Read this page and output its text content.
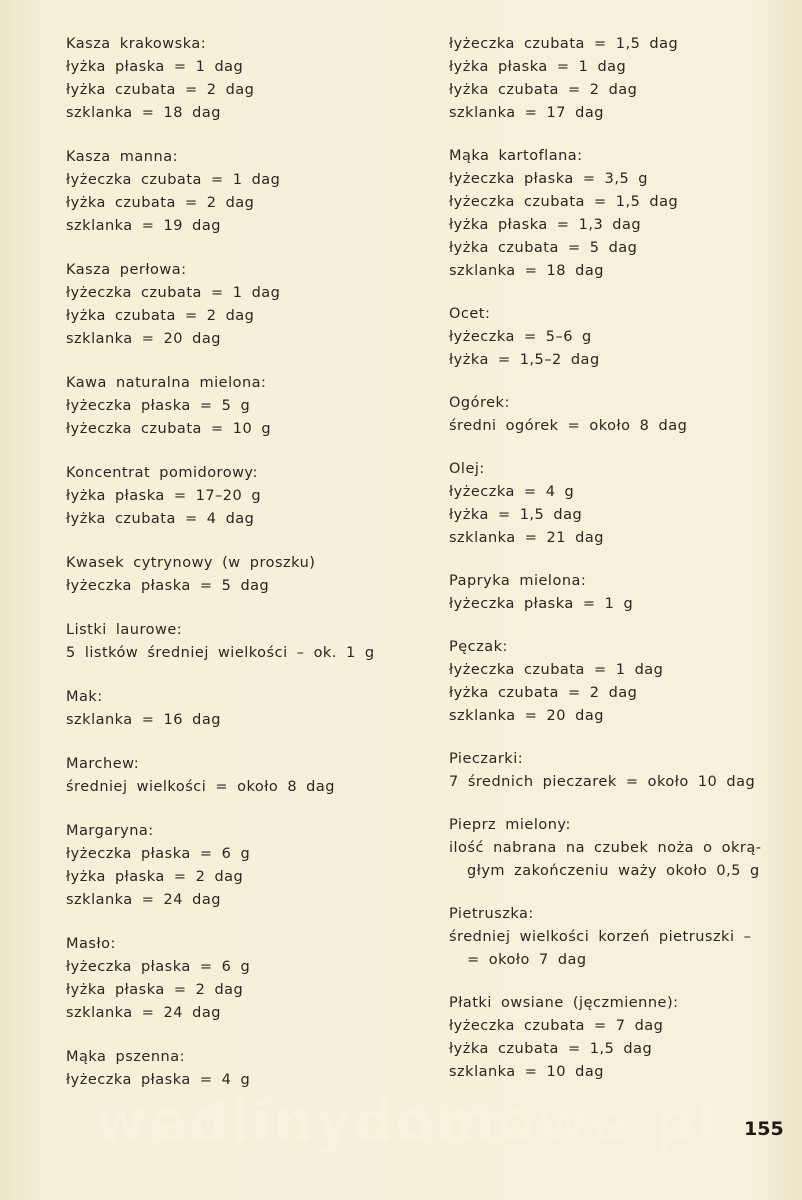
Kasza krakowska:
łyżka płaska = 1 dag
łyżka czubata = 2 dag
szklanka = 18 dag
Kasza manna:
łyżeczka czubata = 1 dag
łyżka czubata = 2 dag
szklanka = 19 dag
Kasza perłowa:
łyżeczka czubata = 1 dag
łyżka czubata = 2 dag
szklanka = 20 dag
Kawa naturalna mielona:
łyżeczka płaska = 5 g
łyżeczka czubata = 10 g
Koncentrat pomidorowy:
łyżka płaska = 17–20 g
łyżka czubata = 4 dag
Kwasek cytrynowy (w proszku)
łyżeczka płaska = 5 dag
Listki laurowe:
5 listków średniej wielkości – ok. 1 g
Mak:
szklanka = 16 dag
Marchew:
średniej wielkości = około 8 dag
Margaryna:
łyżeczka płaska = 6 g
łyżka płaska = 2 dag
szklanka = 24 dag
Masło:
łyżeczka płaska = 6 g
łyżka płaska = 2 dag
szklanka = 24 dag
Mąka pszenna:
łyżeczka płaska = 4 g
łyżeczka czubata = 1,5 dag
łyżka płaska = 1 dag
łyżka czubata = 2 dag
szklanka = 17 dag
Mąka kartoflana:
łyżeczka płaska = 3,5 g
łyżeczka czubata = 1,5 dag
łyżka płaska = 1,3 dag
łyżka czubata = 5 dag
szklanka = 18 dag
Ocet:
łyżeczka = 5–6 g
łyżka = 1,5–2 dag
Ogórek:
średni ogórek = około 8 dag
Olej:
łyżeczka = 4 g
łyżka = 1,5 dag
szklanka = 21 dag
Papryka mielona:
łyżeczka płaska = 1 g
Pęczak:
łyżeczka czubata = 1 dag
łyżka czubata = 2 dag
szklanka = 20 dag
Pieczarki:
7 średnich pieczarek = około 10 dag
Pieprz mielony:
ilość nabrana na czubek noża o okrą-
głym zakończeniu waży około 0,5 g
Pietruszka:
średniej wielkości korzeń pietruszki –
= około 7 dag
Płatki owsiane (jęczmienne):
łyżeczka czubata = 7 dag
łyżka czubata = 1,5 dag
szklanka = 10 dag
wedlinydomowe.pl 155
